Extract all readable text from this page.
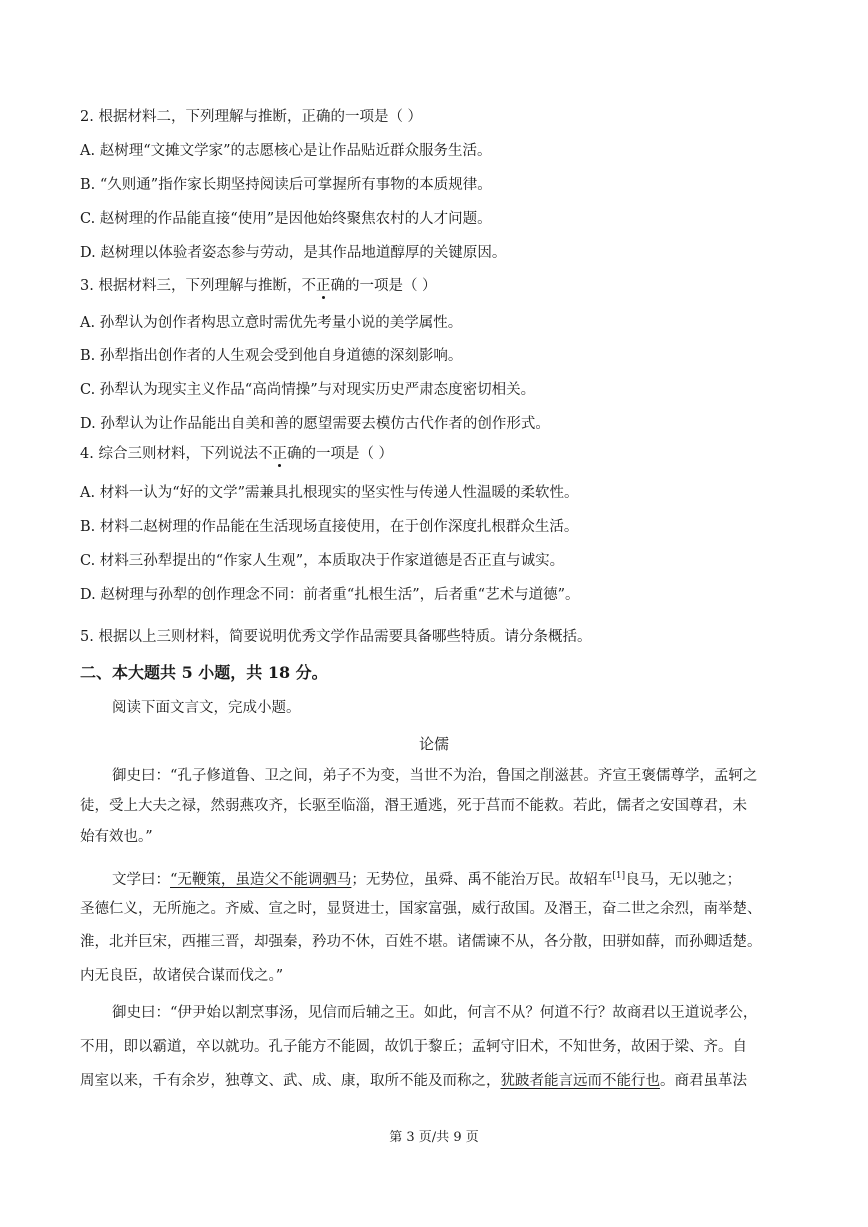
2. 根据材料二，下列理解与推断，正确的一项是（ ）
A. 赵树理“文摊文学家”的志愿核心是让作品贴近群众服务生活。
B. “久则通”指作家长期坚持阅读后可掌握所有事物的本质规律。
C. 赵树理的作品能直接“使用”是因他始终聚焦农村的人才问题。
D. 赵树理以体验者姿态参与劳动，是其作品地道醇厚的关键原因。
3. 根据材料三，下列理解与推断，不正确的一项是（ ）
A. 孙犁认为创作者构思立意时需优先考量小说的美学属性。
B. 孙犁指出创作者的人生观会受到他自身道德的深刻影响。
C. 孙犁认为现实主义作品“高尚情操”与对现实历史严肃态度密切相关。
D. 孙犁认为让作品能出自美和善的愿望需要去模仿古代作者的创作形式。
4. 综合三则材料，下列说法不正确的一项是（ ）
A. 材料一认为“好的文学”需兼具扎根现实的坚实性与传递人性温暖的柔软性。
B. 材料二赵树理的作品能在生活现场直接使用，在于创作深度扎根群众生活。
C. 材料三孙犁提出的“作家人生观”，本质取决于作家道德是否正直与诚实。
D. 赵树理与孙犁的创作理念不同：前者重“扎根生活”，后者重“艺术与道德”。
5. 根据以上三则材料，简要说明优秀文学作品需要具备哪些特质。请分条概括。
二、本大题共 5 小题，共 18 分。
阅读下面文言文，完成小题。
论儒
御史曰：“孔子修道鲁、卫之间，弟子不为变，当世不为治，鲁国之削滋甚。齐宣王褒儒尊学，孟轲之
徒，受上大夫之禄，然弱燕攻齐，长驱至临淄，湣王遁逃，死于莒而不能救。若此，儒者之安国尊君，未
始有效也。”
文学曰：“无鞭策，虽造父不能调驷马；无势位，虽舜、禹不能治万民。故轺车[1]良马，无以驰之；
圣德仁义，无所施之。齐威、宣之时，显贤进士，国家富强，威行敌国。及湣王，奋二世之余烈，南举楚、
淮，北并巨宋，西摧三晋，却强秦，矜功不休，百姓不堪。诸儒谏不从，各分散，田骈如薛，而孙卿适楚。
内无良臣，故诸侯合谋而伐之。”
御史曰：“伊尹始以割烹事汤，见信而后辅之王。如此，何言不从？何道不行？故商君以王道说孝公，
不用，即以霸道，卒以就功。孔子能方不能圆，故饥于黎丘；孟轲守旧术，不知世务，故困于梁、齐。自
周室以来，千有余岁，独尊文、武、成、康，取所不能及而称之，犹跛者能言远而不能行也。商君虽革法
第 3 页/共 9 页
